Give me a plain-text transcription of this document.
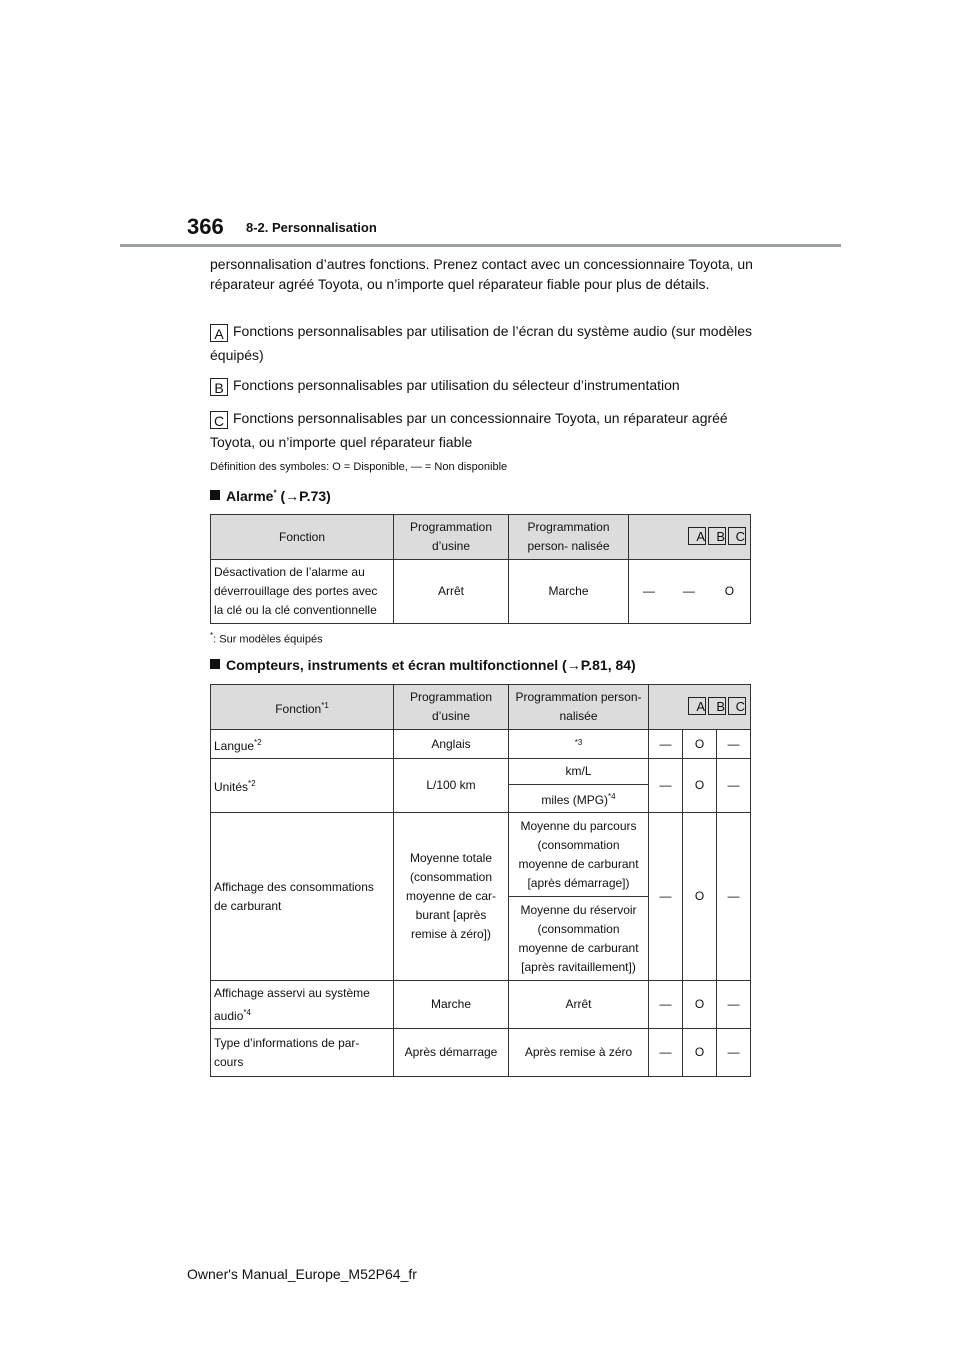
366 8-2. Personnalisation
personnalisation d’autres fonctions. Prenez contact avec un concessionnaire Toyota, un réparateur agréé Toyota, ou n’importe quel réparateur fiable pour plus de détails.
A Fonctions personnalisables par utilisation de l’écran du système audio (sur modèles équipés)
B Fonctions personnalisables par utilisation du sélecteur d’instrumentation
C Fonctions personnalisables par un concessionnaire Toyota, un réparateur agréé Toyota, ou n’importe quel réparateur fiable
Définition des symboles: O = Disponible, — = Non disponible
Alarme* (→P.73)
Fonction	Programmation d’usine	Programmation person- nalisée	A B C
Désactivation de l’alarme au déverrouillage des portes avec la clé ou la clé conventionnelle	Arrêt	Marche		—	—	O
*: Sur modèles équipés
Compteurs, instruments et écran multifonctionnel (→P.81, 84)
Fonction$^{*1}$	Programmation d’usine	Programmation person- nalisée	A B C		
Langue$^{*2}$	Anglais	$^{*3}$	—	O	—
Unités$^{*2}$	L/100 km	km/L	—	O	—
		miles (MPG)$^{*4}$
Affichage des consommations de carburant	Moyenne totale (consommation moyenne de car- burant [après remise à zéro])	Moyenne du parcours (consommation moyenne de carburant [après démarrage])	—	O	—
		Moyenne du réservoir (consommation moyenne de carburant [après ravitaillement])			
Affichage asservi au système audio$^{*4}$	Marche	Arrêt	—	O	—
Type d’informations de par- cours	Après démarrage	Après remise à zéro	—	O	—
Owner's Manual_Europe_M52P64_fr
